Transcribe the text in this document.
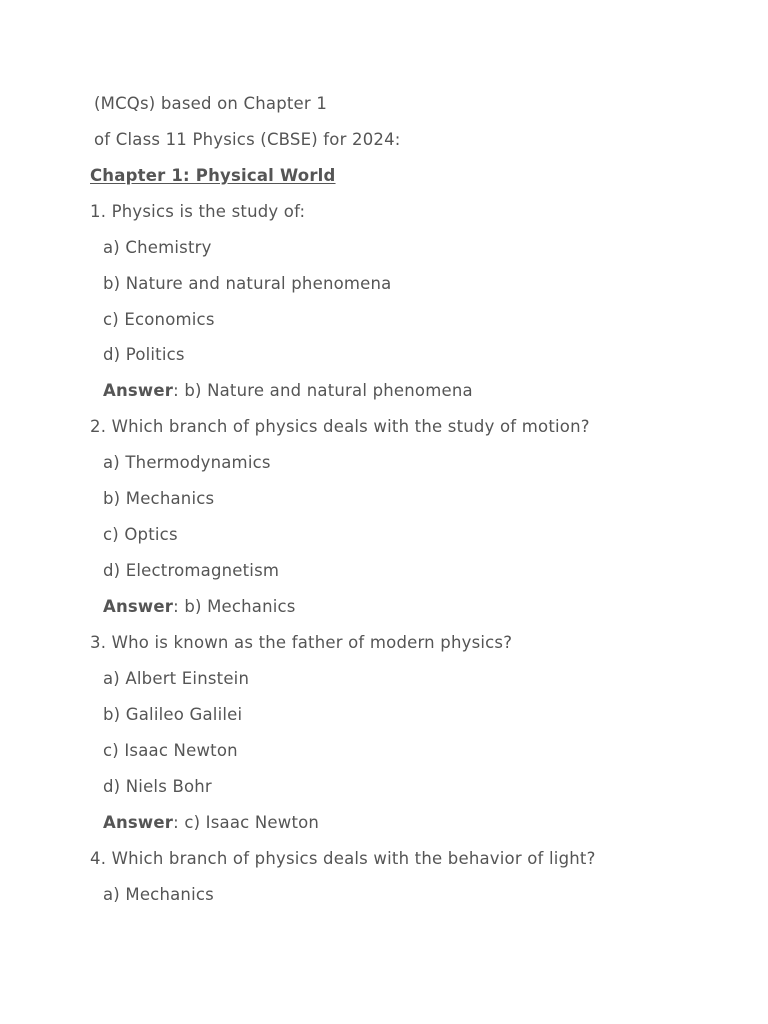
(MCQs) based on Chapter 1
of Class 11 Physics (CBSE) for 2024:
Chapter 1: Physical World
1. Physics is the study of:
a) Chemistry
b) Nature and natural phenomena
c) Economics
d) Politics
Answer: b) Nature and natural phenomena
2. Which branch of physics deals with the study of motion?
a) Thermodynamics
b) Mechanics
c) Optics
d) Electromagnetism
Answer: b) Mechanics
3. Who is known as the father of modern physics?
a) Albert Einstein
b) Galileo Galilei
c) Isaac Newton
d) Niels Bohr
Answer: c) Isaac Newton
4. Which branch of physics deals with the behavior of light?
a) Mechanics
